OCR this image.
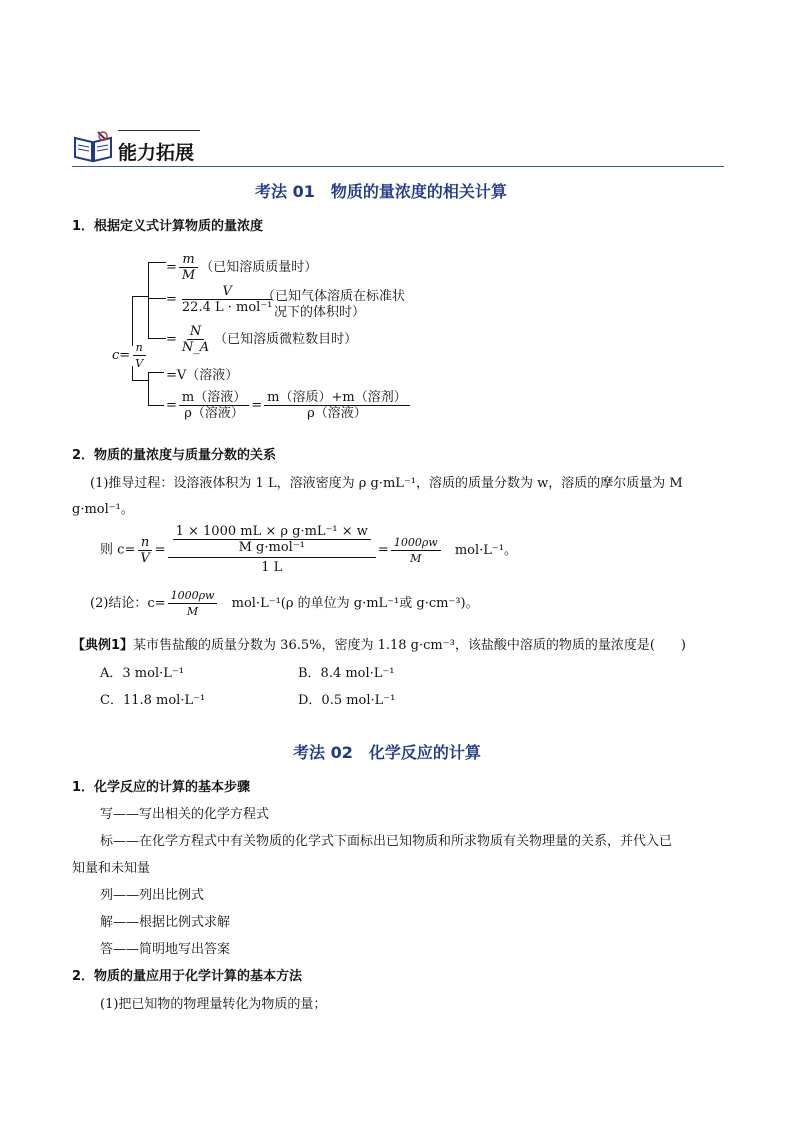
能力拓展
考法 01　物质的量浓度的相关计算
1．根据定义式计算物质的量浓度
= $\frac{m}{M}$ （已知溶质质量时）
= $\frac{V}{\text{22.4 L · mol⁻¹}}$
（已知气体溶质在标准状
况下的体积时）
= $\frac{N}{N\_A}$ （已知溶质微粒数目时）
$c= \frac{n}{V}$
=V（溶液）
= $\frac{\text{m（溶液）}}{\text{ρ（溶液）}} = \frac{\text{m（溶质）+m（溶剂）}}{\text{ρ（溶液）}}$
2．物质的量浓度与质量分数的关系
(1)推导过程：设溶液体积为 1 L，溶液密度为 ρ g·mL⁻¹，溶质的质量分数为 w，溶质的摩尔质量为 M
g·mol⁻¹。
则 $c= \frac{n}{V} = \frac{\frac{\text{1 × 1000 mL × ρ g·mL⁻¹ × w}}{\text{M g·mol⁻¹}}}{1 L} = \frac{1000\rho w}{M} mol\cdot L^{-1}$。
(2)结论：$c= \frac{1000\rho w}{M} mol\cdot L^{-1}(\rho$ 的单位为 g·mL⁻¹或 g·cm⁻³)。
【典例1】某市售盐酸的质量分数为 36.5%，密度为 1.18 g·cm⁻³，该盐酸中溶质的物质的量浓度是(　　)
A．3 mol·L⁻¹	B．8.4 mol·L⁻¹
C．11.8 mol·L⁻¹	D．0.5 mol·L⁻¹
考法 02　化学反应的计算
1．化学反应的计算的基本步骤
写——写出相关的化学方程式
标——在化学方程式中有关物质的化学式下面标出已知物质和所求物质有关物理量的关系，并代入已
知量和未知量
列——列出比例式
解——根据比例式求解
答——简明地写出答案
2．物质的量应用于化学计算的基本方法
(1)把已知物的物理量转化为物质的量；
